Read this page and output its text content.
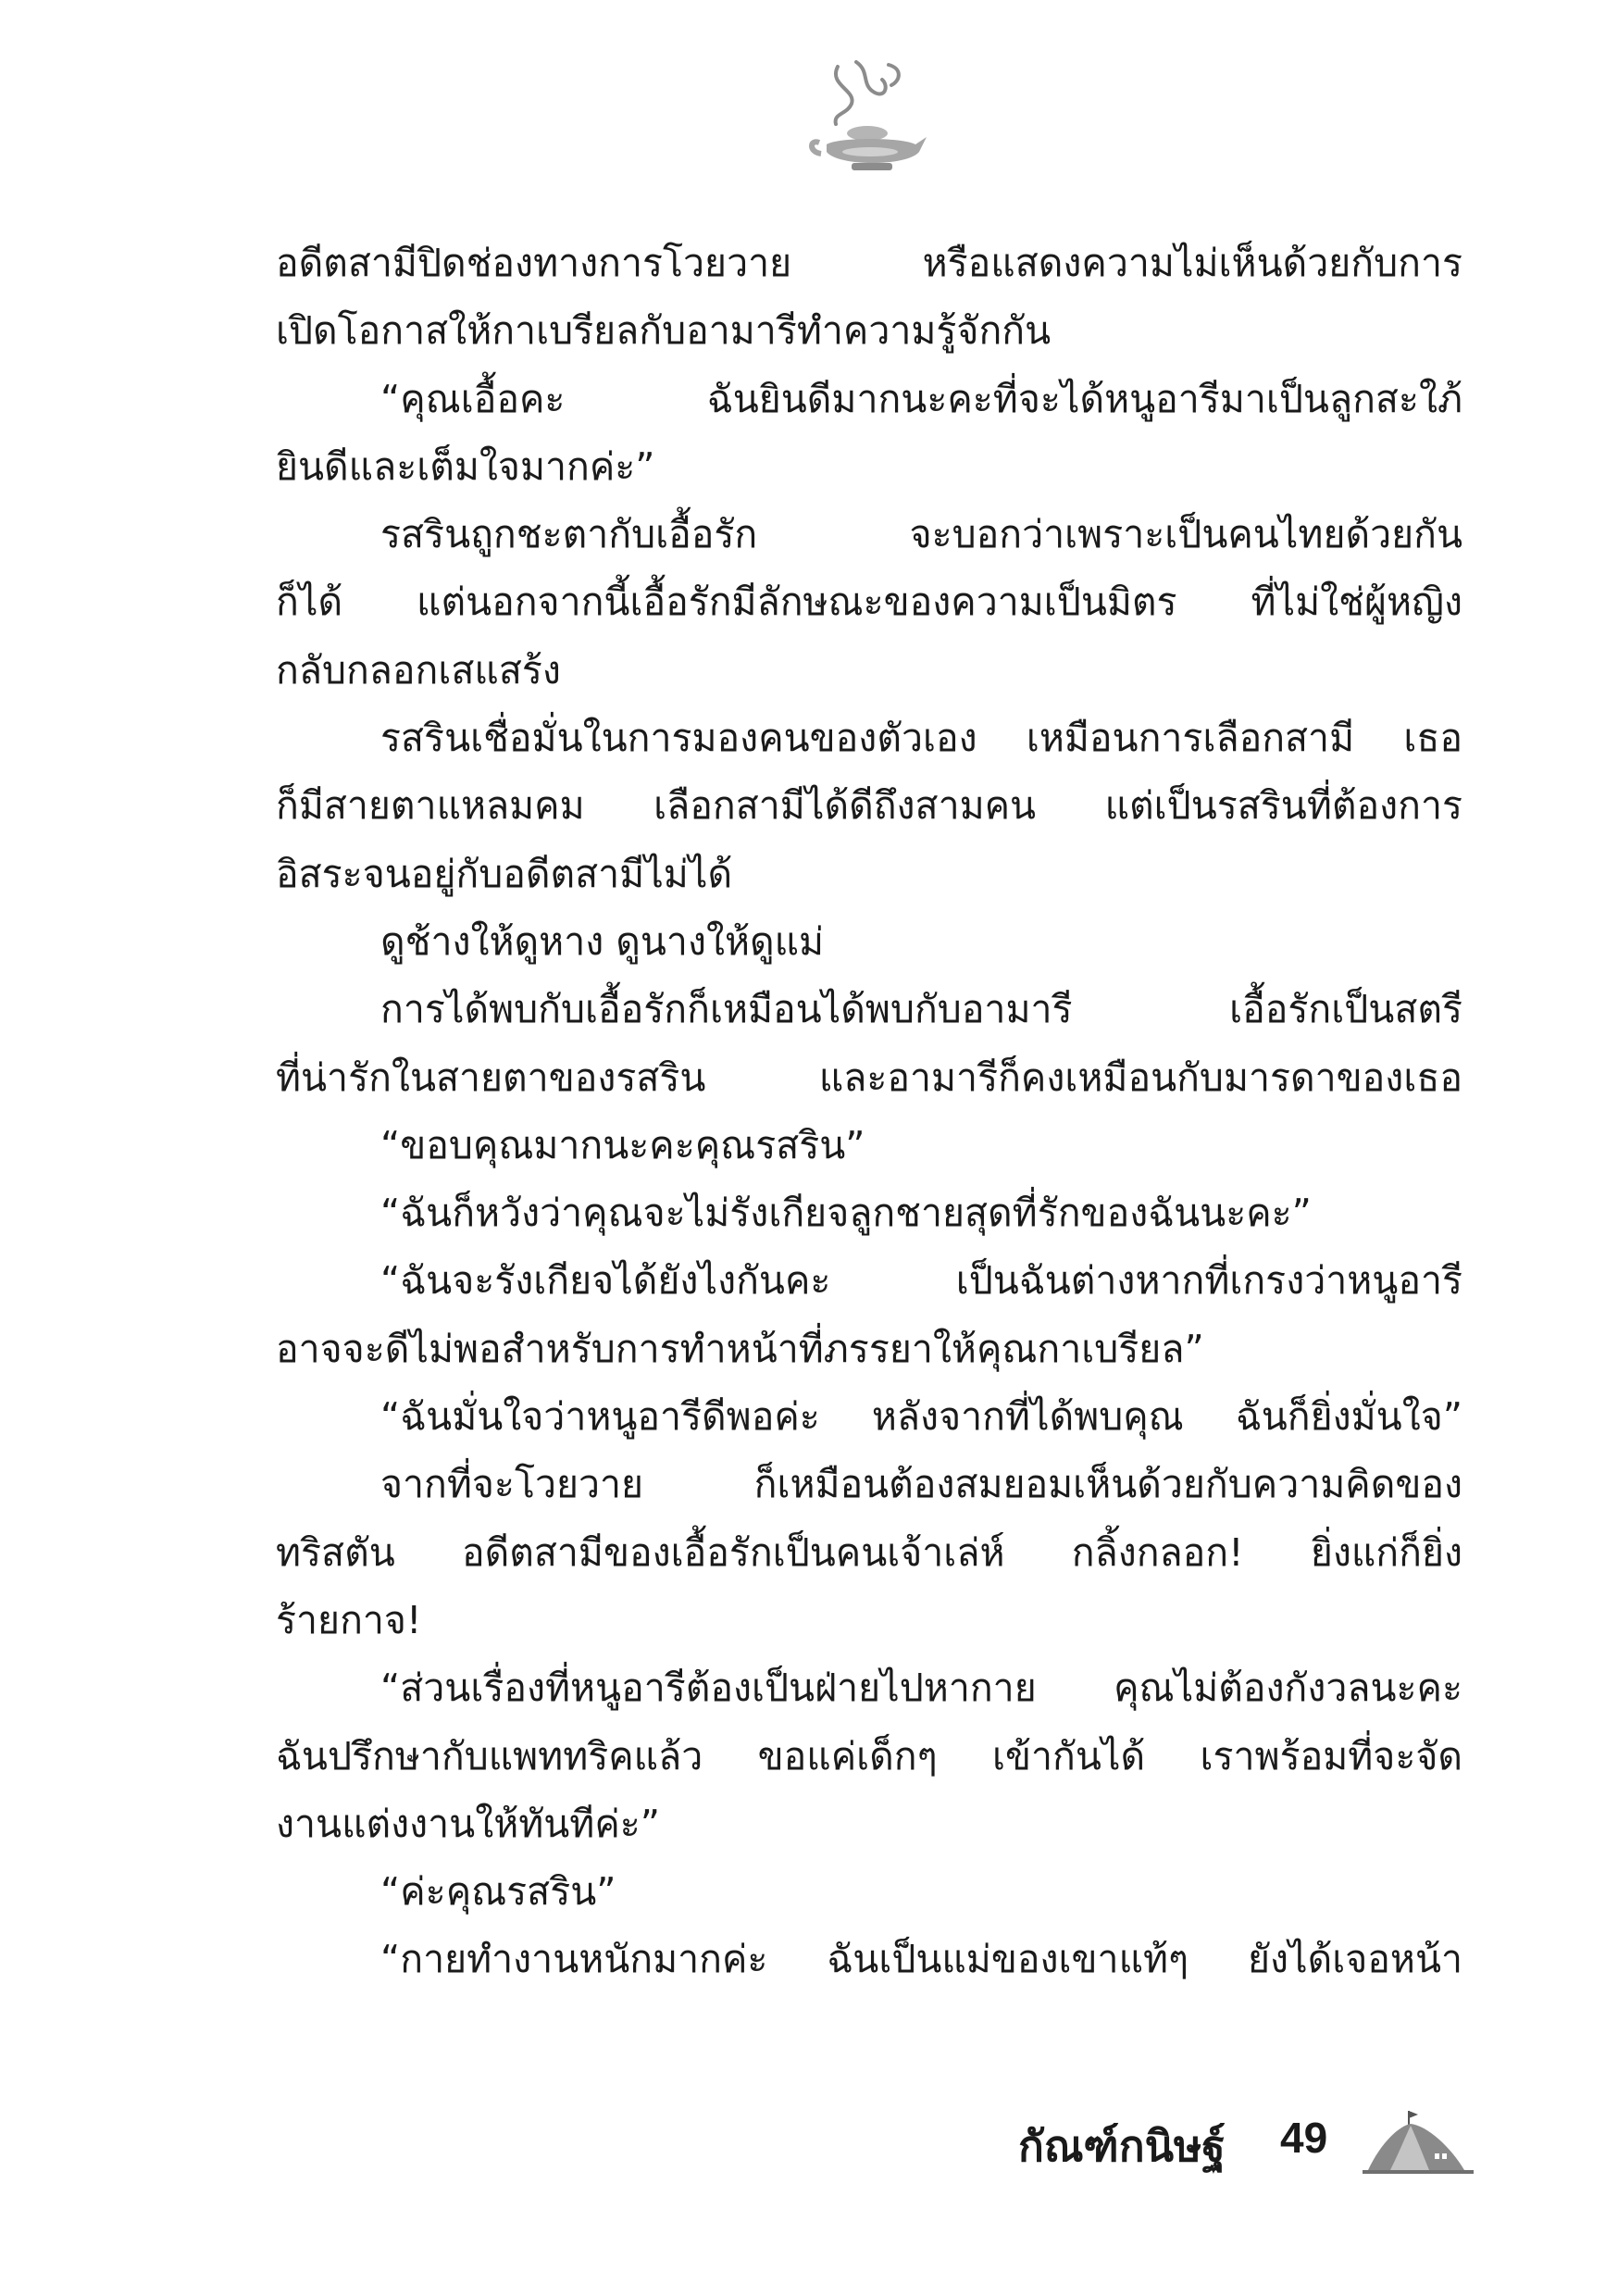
อดีตสามีปิดช่องทางการโวยวาย หรือแสดงความไม่เห็นด้วยกับการ
เปิดโอกาสให้กาเบรียลกับอามารีทำความรู้จักกัน
“คุณเอื้อคะ ฉันยินดีมากนะคะที่จะได้หนูอารีมาเป็นลูกสะใภ้
ยินดีและเต็มใจมากค่ะ”
รสรินถูกชะตากับเอื้อรัก จะบอกว่าเพราะเป็นคนไทยด้วยกัน
ก็ได้ แต่นอกจากนี้เอื้อรักมีลักษณะของความเป็นมิตร ที่ไม่ใช่ผู้หญิง
กลับกลอกเสแสร้ง
รสรินเชื่อมั่นในการมองคนของตัวเอง เหมือนการเลือกสามี เธอ
ก็มีสายตาแหลมคม เลือกสามีได้ดีถึงสามคน แต่เป็นรสรินที่ต้องการ
อิสระจนอยู่กับอดีตสามีไม่ได้
ดูช้างให้ดูหาง ดูนางให้ดูแม่
การได้พบกับเอื้อรักก็เหมือนได้พบกับอามารี เอื้อรักเป็นสตรี
ที่น่ารักในสายตาของรสริน และอามารีก็คงเหมือนกับมารดาของเธอ
“ขอบคุณมากนะคะคุณรสริน”
“ฉันก็หวังว่าคุณจะไม่รังเกียจลูกชายสุดที่รักของฉันนะคะ”
“ฉันจะรังเกียจได้ยังไงกันคะ เป็นฉันต่างหากที่เกรงว่าหนูอารี
อาจจะดีไม่พอสำหรับการทำหน้าที่ภรรยาให้คุณกาเบรียล”
“ฉันมั่นใจว่าหนูอารีดีพอค่ะ หลังจากที่ได้พบคุณ ฉันก็ยิ่งมั่นใจ”
จากที่จะโวยวาย ก็เหมือนต้องสมยอมเห็นด้วยกับความคิดของ
ทริสตัน อดีตสามีของเอื้อรักเป็นคนเจ้าเล่ห์ กลิ้งกลอก! ยิ่งแก่ก็ยิ่ง
ร้ายกาจ!
“ส่วนเรื่องที่หนูอารีต้องเป็นฝ่ายไปหากาย คุณไม่ต้องกังวลนะคะ
ฉันปรึกษากับแพททริคแล้ว ขอแค่เด็กๆ เข้ากันได้ เราพร้อมที่จะจัด
งานแต่งงานให้ทันทีค่ะ”
“ค่ะคุณรสริน”
“กายทำงานหนักมากค่ะ ฉันเป็นแม่ของเขาแท้ๆ ยังได้เจอหน้า
กัณฑ์กนิษฐ์ 49
